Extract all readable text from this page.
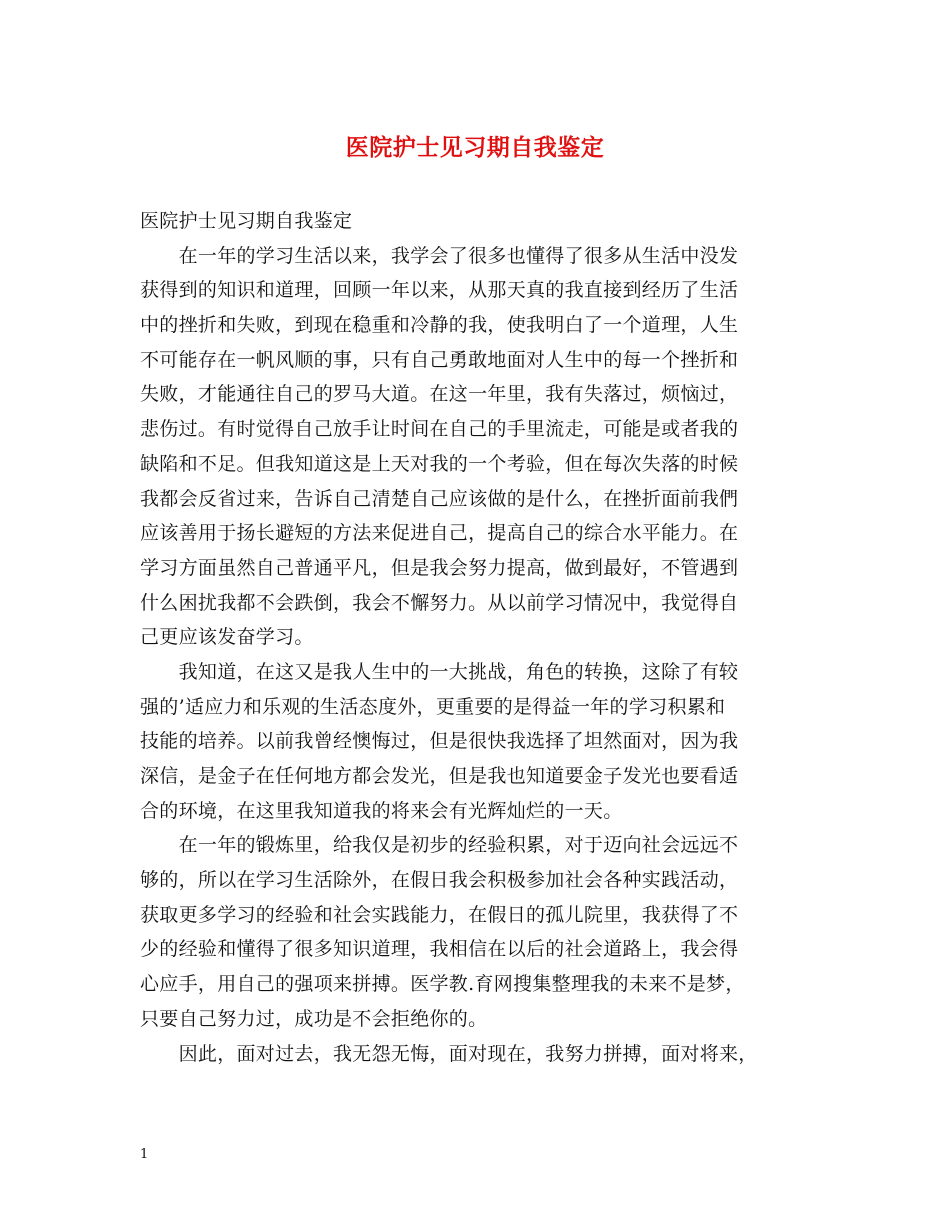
医院护士见习期自我鉴定
医院护士见习期自我鉴定
　　在一年的学习生活以来，我学会了很多也懂得了很多从生活中没发
获得到的知识和道理，回顾一年以来，从那天真的我直接到经历了生活
中的挫折和失败，到现在稳重和冷静的我，使我明白了一个道理，人生
不可能存在一帆风顺的事，只有自己勇敢地面对人生中的每一个挫折和
失败，才能通往自己的罗马大道。在这一年里，我有失落过，烦恼过，
悲伤过。有时觉得自己放手让时间在自己的手里流走，可能是或者我的
缺陷和不足。但我知道这是上天对我的一个考验，但在每次失落的时候
我都会反省过来，告诉自己清楚自己应该做的是什么，在挫折面前我們
应该善用于扬长避短的方法来促进自己，提高自己的综合水平能力。在
学习方面虽然自己普通平凡，但是我会努力提高，做到最好，不管遇到
什么困扰我都不会跌倒，我会不懈努力。从以前学习情况中，我觉得自
己更应该发奋学习。
　　我知道，在这又是我人生中的一大挑战，角色的转换，这除了有较
强的’适应力和乐观的生活态度外，更重要的是得益一年的学习积累和
技能的培养。以前我曾经懊悔过，但是很快我选择了坦然面对，因为我
深信，是金子在任何地方都会发光，但是我也知道要金子发光也要看适
合的环境，在这里我知道我的将来会有光辉灿烂的一天。
　　在一年的锻炼里，给我仅是初步的经验积累，对于迈向社会远远不
够的，所以在学习生活除外，在假日我会积极参加社会各种实践活动，
获取更多学习的经验和社会实践能力，在假日的孤儿院里，我获得了不
少的经验和懂得了很多知识道理，我相信在以后的社会道路上，我会得
心应手，用自己的强项来拼搏。医学教.育网搜集整理我的未来不是梦，
只要自己努力过，成功是不会拒绝你的。
　　因此，面对过去，我无怨无悔，面对现在，我努力拼搏，面对将来，
1
